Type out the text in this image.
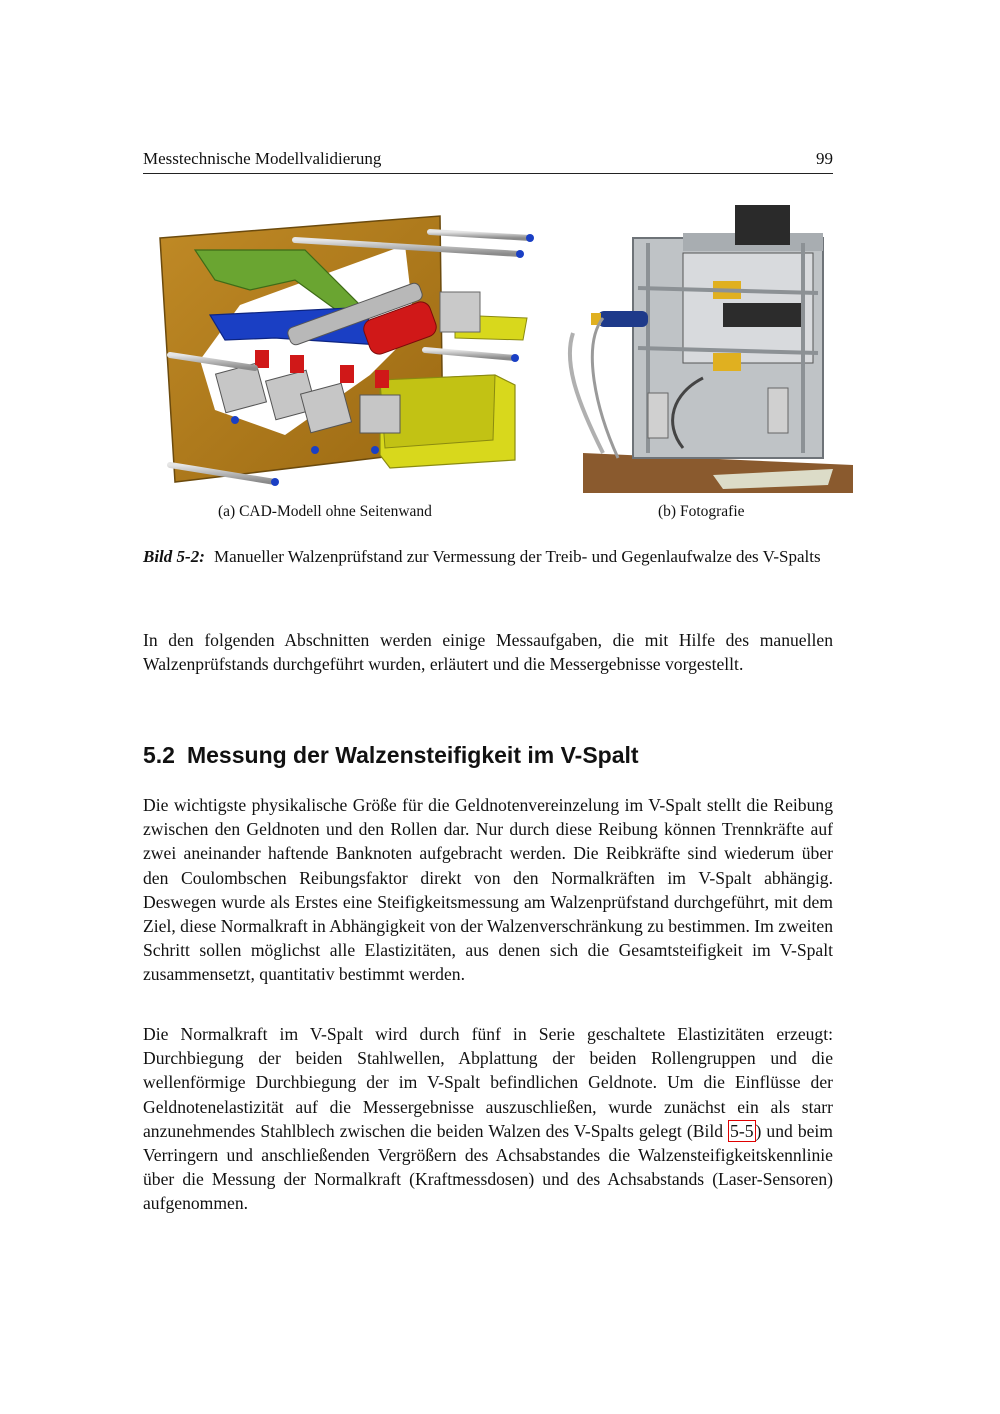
Messtechnische Modellvalidierung	99
(a) CAD-Modell ohne Seitenwand	(b) Fotografie
Bild 5-2: Manueller Walzenprüfstand zur Vermessung der Treib- und Gegenlaufwalze des V-Spalts

In den folgenden Abschnitten werden einige Messaufgaben, die mit Hilfe des manuellen Walzenprüfstands durchgeführt wurden, erläutert und die Messergebnisse vorgestellt.

5.2 Messung der Walzensteifigkeit im V-Spalt

Die wichtigste physikalische Größe für die Geldnotenvereinzelung im V-Spalt stellt die Reibung zwischen den Geldnoten und den Rollen dar. Nur durch diese Reibung können Trennkräfte auf zwei aneinander haftende Banknoten aufgebracht werden. Die Reibkräfte sind wiederum über den Coulombschen Reibungsfaktor direkt von den Normalkräften im V-Spalt abhängig. Deswegen wurde als Erstes eine Steifigkeitsmessung am Walzenprüfstand durchgeführt, mit dem Ziel, diese Normalkraft in Abhängigkeit von der Walzenverschränkung zu bestimmen. Im zweiten Schritt sollen möglichst alle Elastizitäten, aus denen sich die Gesamtsteifigkeit im V-Spalt zusammensetzt, quantitativ bestimmt werden.

Die Normalkraft im V-Spalt wird durch fünf in Serie geschaltete Elastizitäten erzeugt: Durchbiegung der beiden Stahlwellen, Abplattung der beiden Rollengruppen und die wellenförmige Durchbiegung der im V-Spalt befindlichen Geldnote. Um die Einflüsse der Geldnotenelastizität auf die Messergebnisse auszuschließen, wurde zunächst ein als starr anzunehmendes Stahlblech zwischen die beiden Walzen des V-Spalts gelegt (Bild 5-5 ) und beim Verringern und anschließenden Vergrößern des Achsabstandes die Walzensteifigkeitskennlinie über die Messung der Normalkraft (Kraftmessdosen) und des Achsabstands (Laser-Sensoren) aufgenommen.
